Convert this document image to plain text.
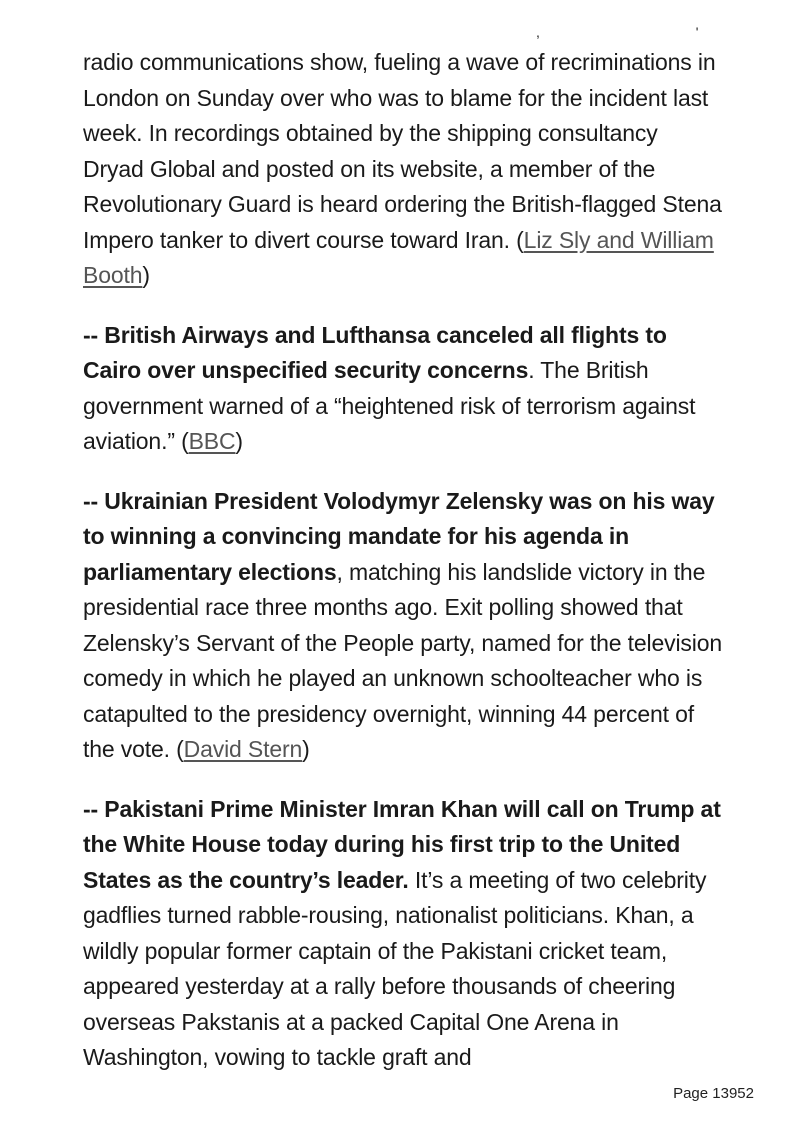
, '

radio communications show, fueling a wave of recriminations in London on Sunday over who was to blame for the incident last week. In recordings obtained by the shipping consultancy Dryad Global and posted on its website, a member of the Revolutionary Guard is heard ordering the British-flagged Stena Impero tanker to divert course toward Iran. (Liz Sly and William Booth)

-- British Airways and Lufthansa canceled all flights to Cairo over unspecified security concerns. The British government warned of a “heightened risk of terrorism against aviation.” (BBC)

-- Ukrainian President Volodymyr Zelensky was on his way to winning a convincing mandate for his agenda in parliamentary elections, matching his landslide victory in the presidential race three months ago. Exit polling showed that Zelensky’s Servant of the People party, named for the television comedy in which he played an unknown schoolteacher who is catapulted to the presidency overnight, winning 44 percent of the vote. (David Stern)

-- Pakistani Prime Minister Imran Khan will call on Trump at the White House today during his first trip to the United States as the country’s leader. It’s a meeting of two celebrity gadflies turned rabble-rousing, nationalist politicians. Khan, a wildly popular former captain of the Pakistani cricket team, appeared yesterday at a rally before thousands of cheering overseas Pakstanis at a packed Capital One Arena in Washington, vowing to tackle graft and

Page 13952
